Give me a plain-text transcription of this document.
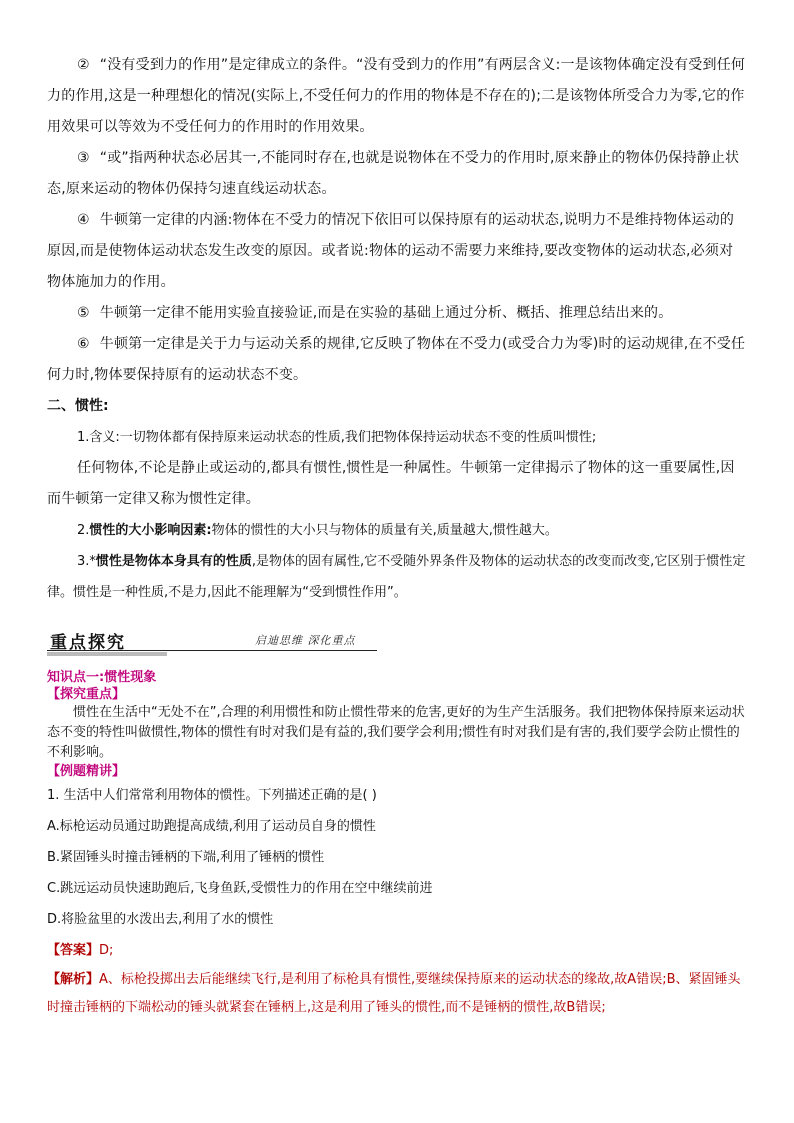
② “没有受到力的作用”是定律成立的条件。“没有受到力的作用”有两层含义:一是该物体确定没有受到任何力的作用,这是一种理想化的情况(实际上,不受任何力的作用的物体是不存在的);二是该物体所受合力为零,它的作用效果可以等效为不受任何力的作用时的作用效果。

③ “或”指两种状态必居其一,不能同时存在,也就是说物体在不受力的作用时,原来静止的物体仍保持静止状态,原来运动的物体仍保持匀速直线运动状态。

④ 牛顿第一定律的内涵:物体在不受力的情况下依旧可以保持原有的运动状态,说明力不是维持物体运动的原因,而是使物体运动状态发生改变的原因。或者说:物体的运动不需要力来维持,要改变物体的运动状态,必须对物体施加力的作用。

⑤ 牛顿第一定律不能用实验直接验证,而是在实验的基础上通过分析、概括、推理总结出来的。

⑥ 牛顿第一定律是关于力与运动关系的规律,它反映了物体在不受力(或受合力为零)时的运动规律,在不受任何力时,物体要保持原有的运动状态不变。

二、惯性:

1.含义:一切物体都有保持原来运动状态的性质,我们把物体保持运动状态不变的性质叫惯性;

任何物体,不论是静止或运动的,都具有惯性,惯性是一种属性。牛顿第一定律揭示了物体的这一重要属性,因而牛顿第一定律又称为惯性定律。

2.惯性的大小影响因素:物体的惯性的大小只与物体的质量有关,质量越大,惯性越大。

3.*惯性是物体本身具有的性质,是物体的固有属性,它不受随外界条件及物体的运动状态的改变而改变,它区别于惯性定律。惯性是一种性质,不是力,因此不能理解为“受到惯性作用”。

重点探究	启迪思维 深化重点

知识点一:惯性现象

【探究重点】

惯性在生活中“无处不在”,合理的利用惯性和防止惯性带来的危害,更好的为生产生活服务。我们把物体保持原来运动状态不变的特性叫做惯性,物体的惯性有时对我们是有益的,我们要学会利用;惯性有时对我们是有害的,我们要学会防止惯性的不利影响。

【例题精讲】

1. 生活中人们常常利用物体的惯性。下列描述正确的是( )

A.标枪运动员通过助跑提高成绩,利用了运动员自身的惯性

B.紧固锤头时撞击锤柄的下端,利用了锤柄的惯性

C.跳远运动员快速助跑后,飞身鱼跃,受惯性力的作用在空中继续前进

D.将脸盆里的水泼出去,利用了水的惯性

【答案】D;

【解析】A、标枪投掷出去后能继续飞行,是利用了标枪具有惯性,要继续保持原来的运动状态的缘故,故A错误;B、紧固锤头时撞击锤柄的下端松动的锤头就紧套在锤柄上,这是利用了锤头的惯性,而不是锤柄的惯性,故B错误;
